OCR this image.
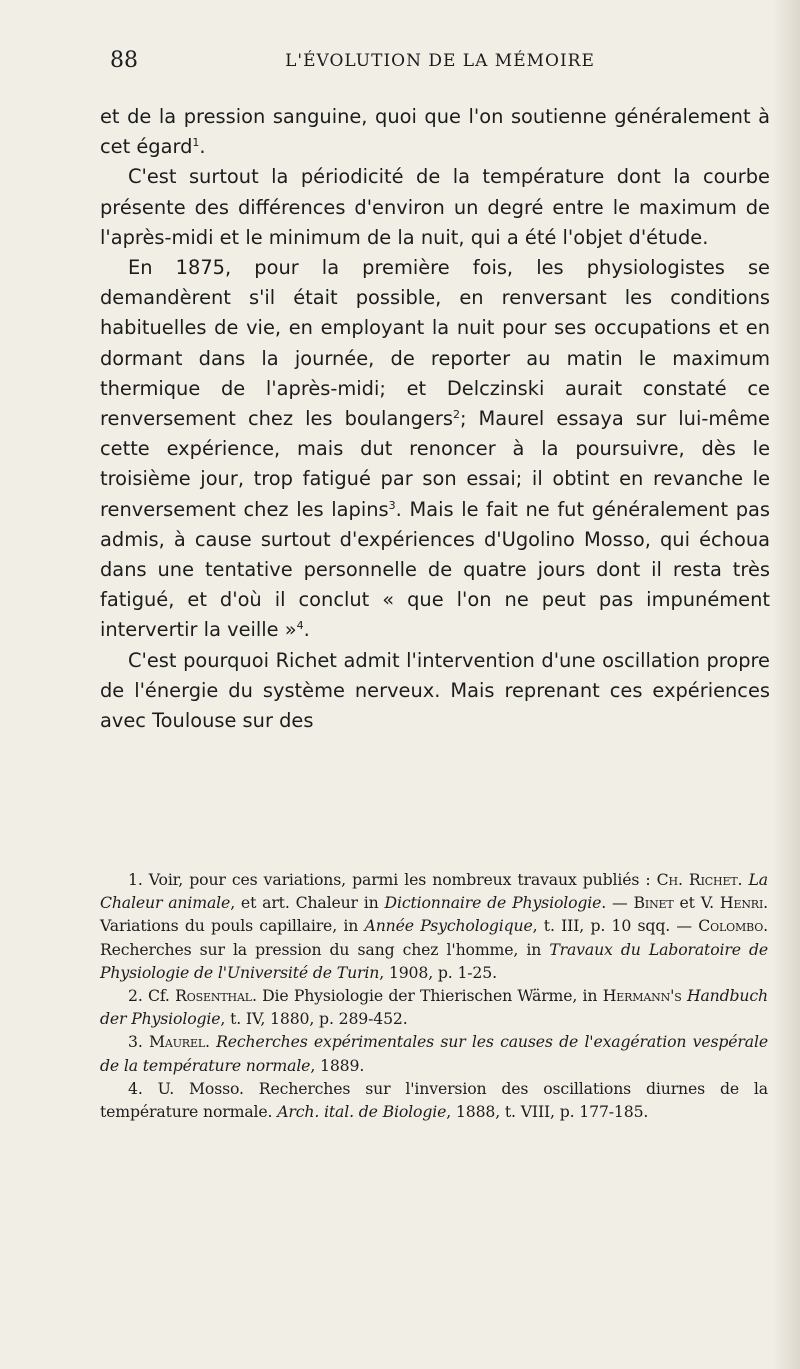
88	L'ÉVOLUTION DE LA MÉMOIRE

et de la pression sanguine, quoi que l'on soutienne généralement à cet égard$^1$.

C'est surtout la périodicité de la température dont la courbe présente des différences d'environ un degré entre le maximum de l'après-midi et le minimum de la nuit, qui a été l'objet d'étude.

En 1875, pour la première fois, les physiologistes se demandèrent s'il était possible, en renversant les conditions habituelles de vie, en employant la nuit pour ses occupations et en dormant dans la journée, de reporter au matin le maximum thermique de l'après-midi; et Delczinski aurait constaté ce renversement chez les boulangers$^2$; Maurel essaya sur lui-même cette expérience, mais dut renoncer à la poursuivre, dès le troisième jour, trop fatigué par son essai; il obtint en revanche le renversement chez les lapins$^3$. Mais le fait ne fut généralement pas admis, à cause surtout d'expériences d'Ugolino Mosso, qui échoua dans une tentative personnelle de quatre jours dont il resta très fatigué, et d'où il conclut « que l'on ne peut pas impunément intervertir la veille »$^4$.

C'est pourquoi Richet admit l'intervention d'une oscillation propre de l'énergie du système nerveux. Mais reprenant ces expériences avec Toulouse sur des

1. Voir, pour ces variations, parmi les nombreux travaux publiés : Ch. Richet. La Chaleur animale, et art. Chaleur in Dictionnaire de Physiologie. — Binet et V. Henri. Variations du pouls capillaire, in Année Psychologique, t. III, p. 10 sqq. — Colombo. Recherches sur la pression du sang chez l'homme, in Travaux du Laboratoire de Physiologie de l'Université de Turin, 1908, p. 1-25.

2. Cf. Rosenthal. Die Physiologie der Thierischen Wärme, in Hermann's Handbuch der Physiologie, t. IV, 1880, p. 289-452.

3. Maurel. Recherches expérimentales sur les causes de l'exagération vespérale de la température normale, 1889.

4. U. Mosso. Recherches sur l'inversion des oscillations diurnes de la température normale. Arch. ital. de Biologie, 1888, t. VIII, p. 177-185.
